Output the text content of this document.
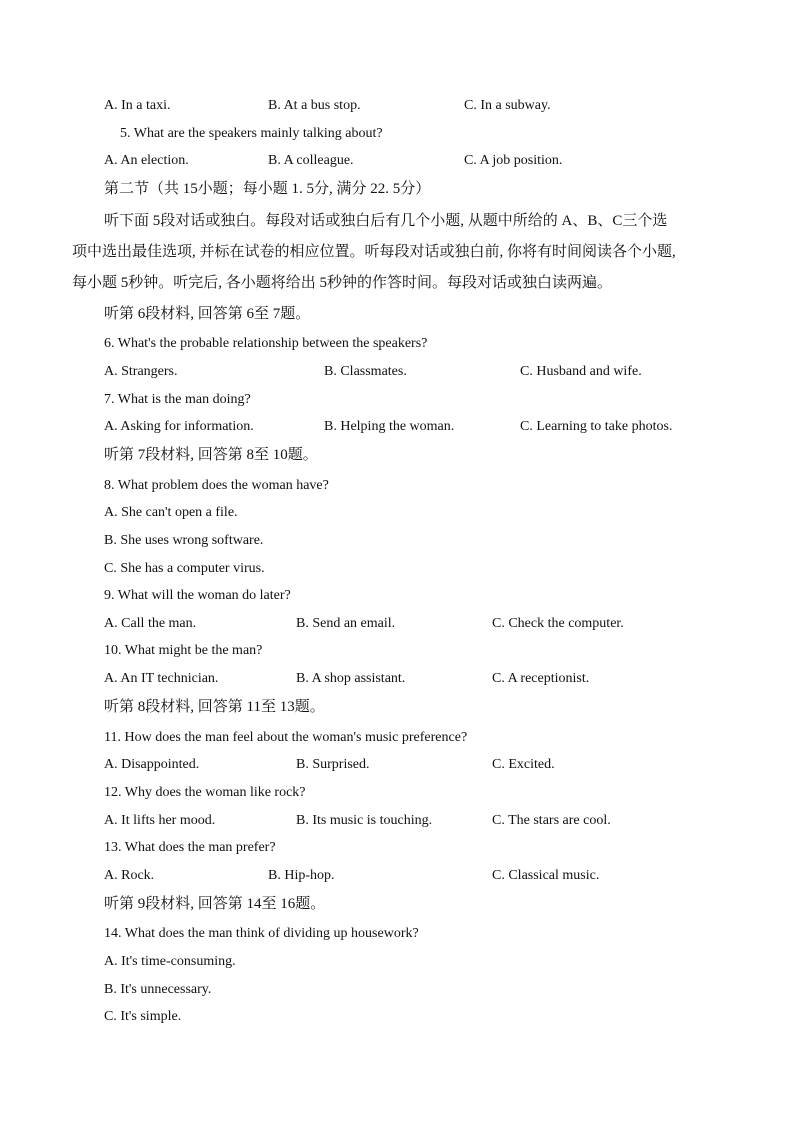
A. In a taxi.	B. At a bus stop.	C. In a subway.
5. What are the speakers mainly talking about?
A. An election.	B. A colleague.	C. A job position.
第二节（共 15小题；每小题 1. 5分, 满分 22. 5分）
听下面 5段对话或独白。每段对话或独白后有几个小题, 从题中所给的 A、B、C三个选
项中选出最佳选项, 并标在试卷的相应位置。听每段对话或独白前, 你将有时间阅读各个小题,
每小题 5秒钟。听完后, 各小题将给出 5秒钟的作答时间。每段对话或独白读两遍。
听第 6段材料, 回答第 6至 7题。
6. What's the probable relationship between the speakers?
A. Strangers.	B. Classmates.	C. Husband and wife.
7. What is the man doing?
A. Asking for information.	B. Helping the woman.	C. Learning to take photos.
听第 7段材料, 回答第 8至 10题。
8. What problem does the woman have?
A. She can't open a file.
B. She uses wrong software.
C. She has a computer virus.
9. What will the woman do later?
A. Call the man.	B. Send an email.	C. Check the computer.
10. What might be the man?
A. An IT technician.	B. A shop assistant.	C. A receptionist.
听第 8段材料, 回答第 11至 13题。
11. How does the man feel about the woman's music preference?
A. Disappointed.	B. Surprised.	C. Excited.
12. Why does the woman like rock?
A. It lifts her mood.	B. Its music is touching.	C. The stars are cool.
13. What does the man prefer?
A. Rock.	B. Hip-hop.	C. Classical music.
听第 9段材料, 回答第 14至 16题。
14. What does the man think of dividing up housework?
A. It's time-consuming.
B. It's unnecessary.
C. It's simple.
